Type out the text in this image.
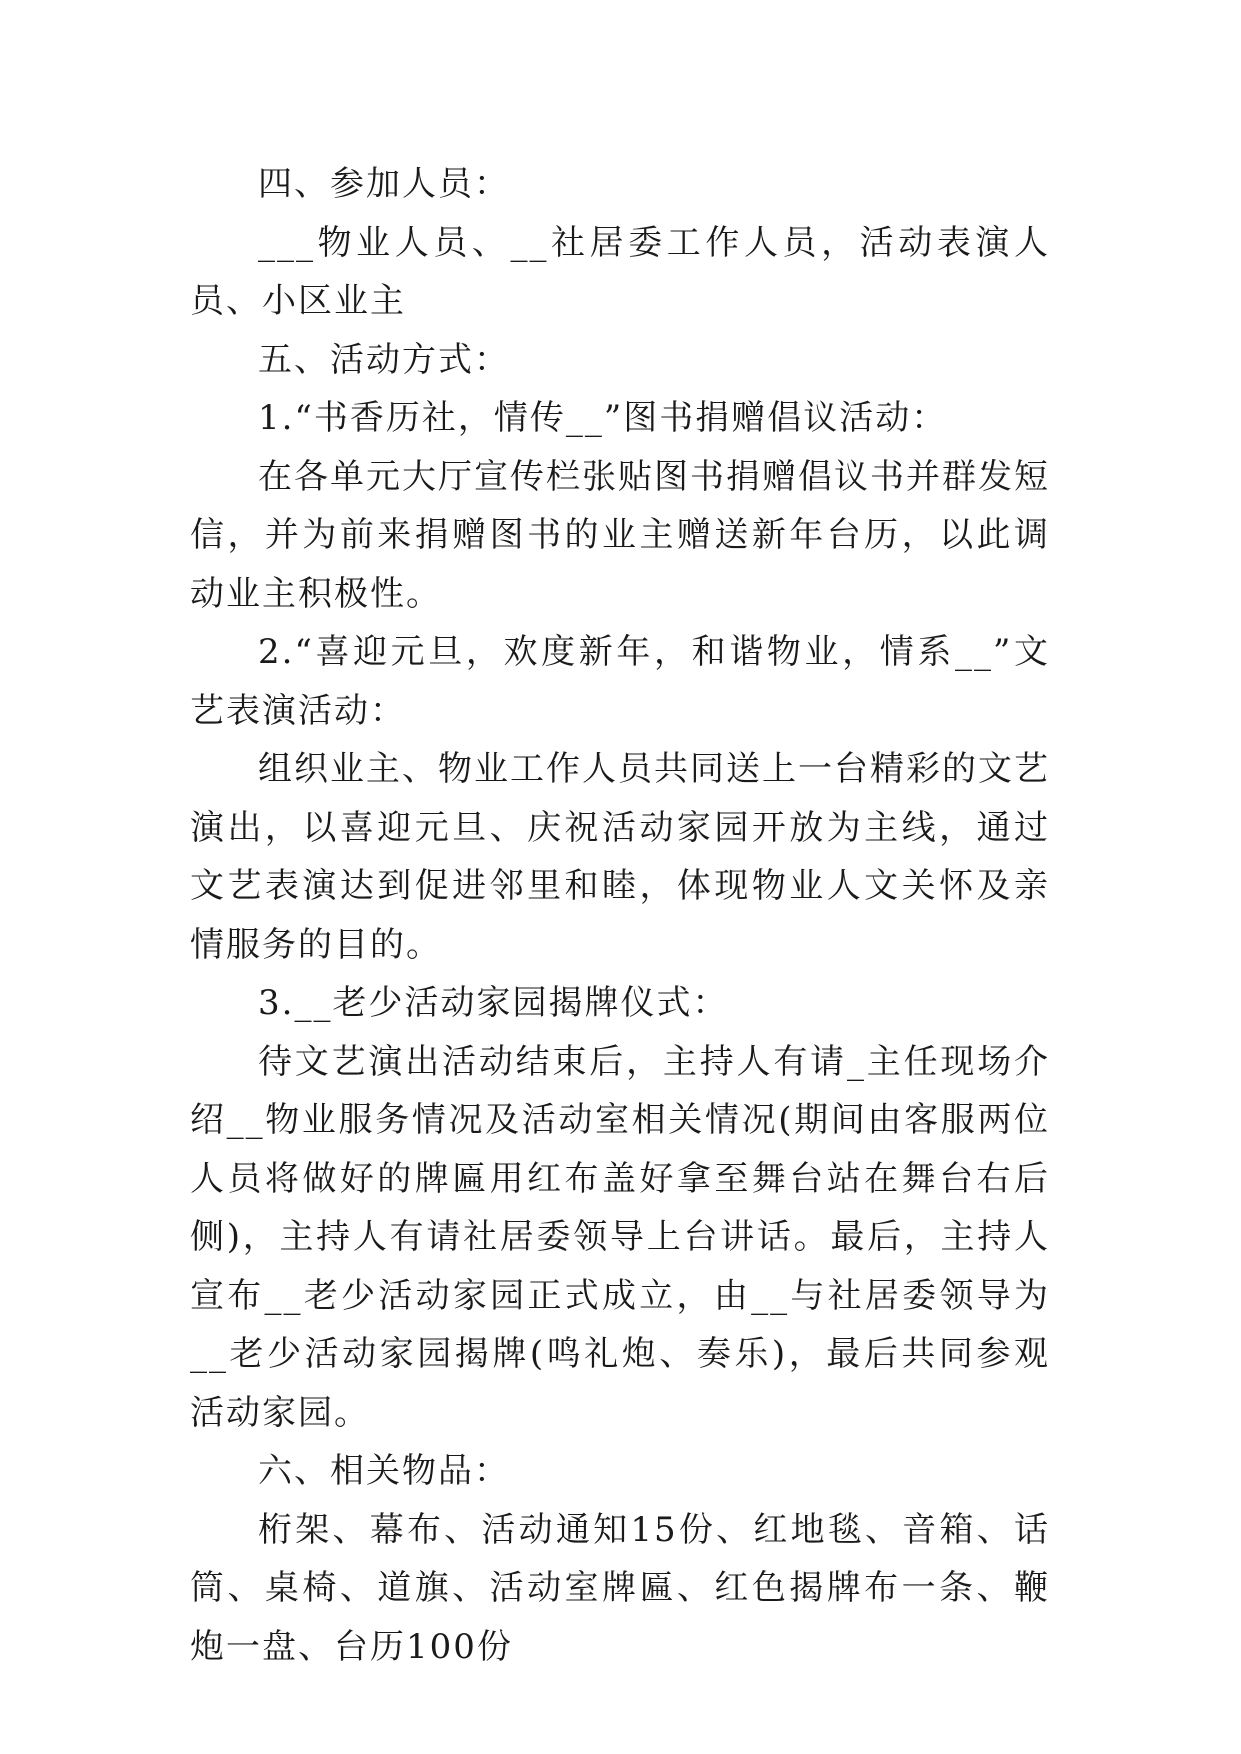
四、参加人员：

___物业人员、__社居委工作人员，活动表演人员、小区业主

五、活动方式：

1.“书香历社，情传__”图书捐赠倡议活动：

在各单元大厅宣传栏张贴图书捐赠倡议书并群发短信，并为前来捐赠图书的业主赠送新年台历，以此调动业主积极性。

2.“喜迎元旦，欢度新年，和谐物业，情系__”文艺表演活动：

组织业主、物业工作人员共同送上一台精彩的文艺演出，以喜迎元旦、庆祝活动家园开放为主线，通过文艺表演达到促进邻里和睦，体现物业人文关怀及亲情服务的目的。

3.__老少活动家园揭牌仪式：

待文艺演出活动结束后，主持人有请_主任现场介绍__物业服务情况及活动室相关情况(期间由客服两位人员将做好的牌匾用红布盖好拿至舞台站在舞台右后侧)，主持人有请社居委领导上台讲话。最后，主持人宣布__老少活动家园正式成立，由__与社居委领导为__老少活动家园揭牌(鸣礼炮、奏乐)，最后共同参观活动家园。

六、相关物品：

桁架、幕布、活动通知15份、红地毯、音箱、话筒、桌椅、道旗、活动室牌匾、红色揭牌布一条、鞭炮一盘、台历100份
